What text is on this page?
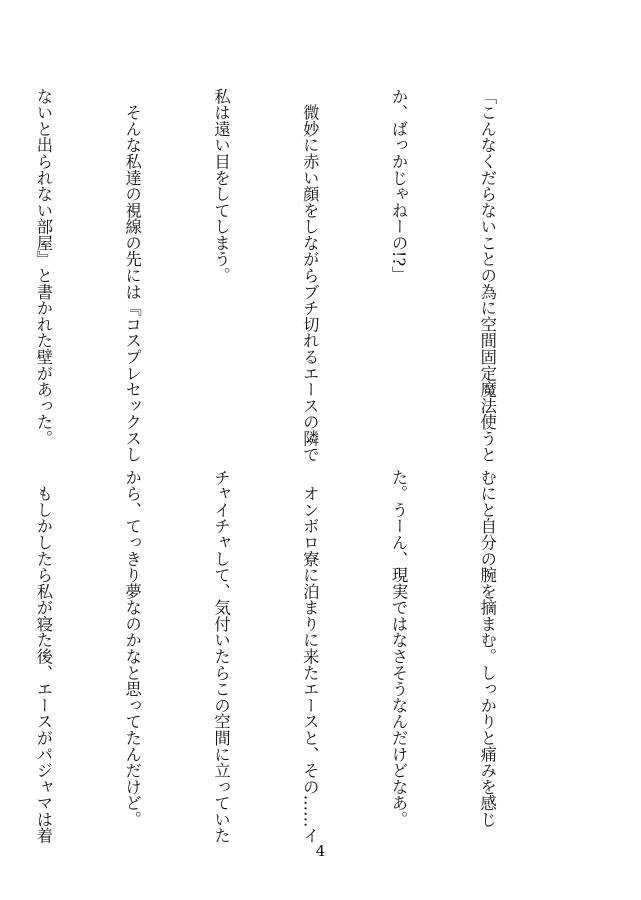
「こんなくだらないことの為に空間固定魔法使うと

か、ばっかじゃねーの!?」

　微妙に赤い顔をしながらブチ切れるエースの隣で

私は遠い目をしてしまう。

　そんな私達の視線の先には『コスプレセックスし

ないと出られない部屋』と書かれた壁があった。

むにと自分の腕を摘まむ。しっかりと痛みを感じ

た。うーん、現実ではなさそうなんだけどなあ。

　オンボロ寮に泊まりに来たエースと、その……イ

チャイチャして、気付いたらこの空間に立っていた

から、てっきり夢なのかなと思ってたんだけど。

　もしかしたら私が寝た後、エースがパジャマは着

4
